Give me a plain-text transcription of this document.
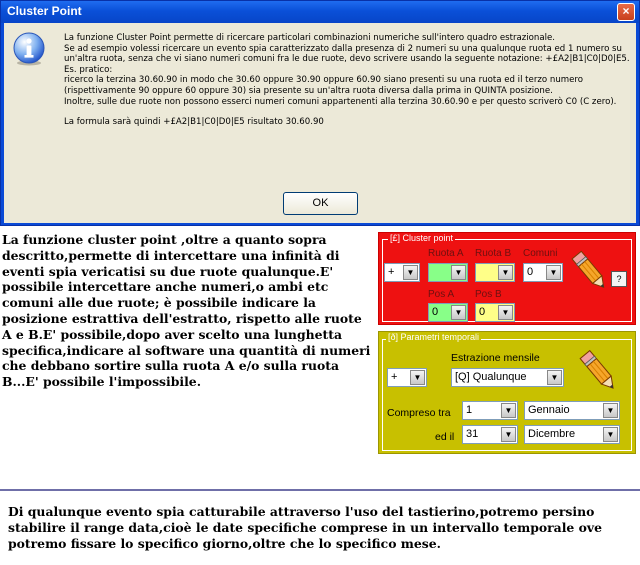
Cluster Point	×

La funzione Cluster Point permette di ricercare particolari combinazioni numeriche sull'intero quadro estrazionale.

Se ad esempio volessi ricercare un evento spia caratterizzato dalla presenza di 2 numeri su una qualunque ruota ed 1 numero su un'altra ruota, senza che vi siano numeri comuni fra le due ruote, devo scrivere usando la seguente notazione: +£A2|B1|C0|D0|E5.

Es. pratico:

ricerco la terzina 30.60.90 in modo che 30.60 oppure 30.90 oppure 60.90 siano presenti su una ruota ed il terzo numero (rispettivamente 90 oppure 60 oppure 30) sia presente su un'altra ruota diversa dalla prima in QUINTA posizione.

Inoltre, sulle due ruote non possono esserci numeri comuni appartenenti alla terzina 30.60.90 e per questo scriverò C0 (C zero).

La formula sarà quindi +£A2|B1|C0|D0|E5 risultato 30.60.90

OK
La funzione cluster point ,oltre a quanto sopra descritto,permette di intercettare una infinità di eventi spia vericatisi su due ruote qualunque.E' possibile intercettare anche numeri,o ambi etc comuni alle due ruote; è possibile indicare la posizione estrattiva dell'estratto, rispetto alle ruote A e B.E' possibile,dopo aver scelto una lunghetta specifica,indicare al software una quantità di numeri che debbano sortire sulla ruota A e/o sulla ruota B...E' possibile l'impossibile.
[£] Cluster point
Ruota A Ruota B Comuni
+	▼	▼	▼	0	▼
Pos A Pos B
0	▼	0	▼
?
[ð] Parametri temporali
Estrazione mensile
+	▼	[Q] Qualunque	▼
Compreso tra 1	▼	Gennaio	▼
ed il 31	▼	Dicembre	▼
Di qualunque evento spia catturabile attraverso l'uso del tastierino,potremo persino stabilire il range data,cioè le date specifiche comprese in un intervallo temporale ove potremo fissare lo specifico giorno,oltre che lo specifico mese.
